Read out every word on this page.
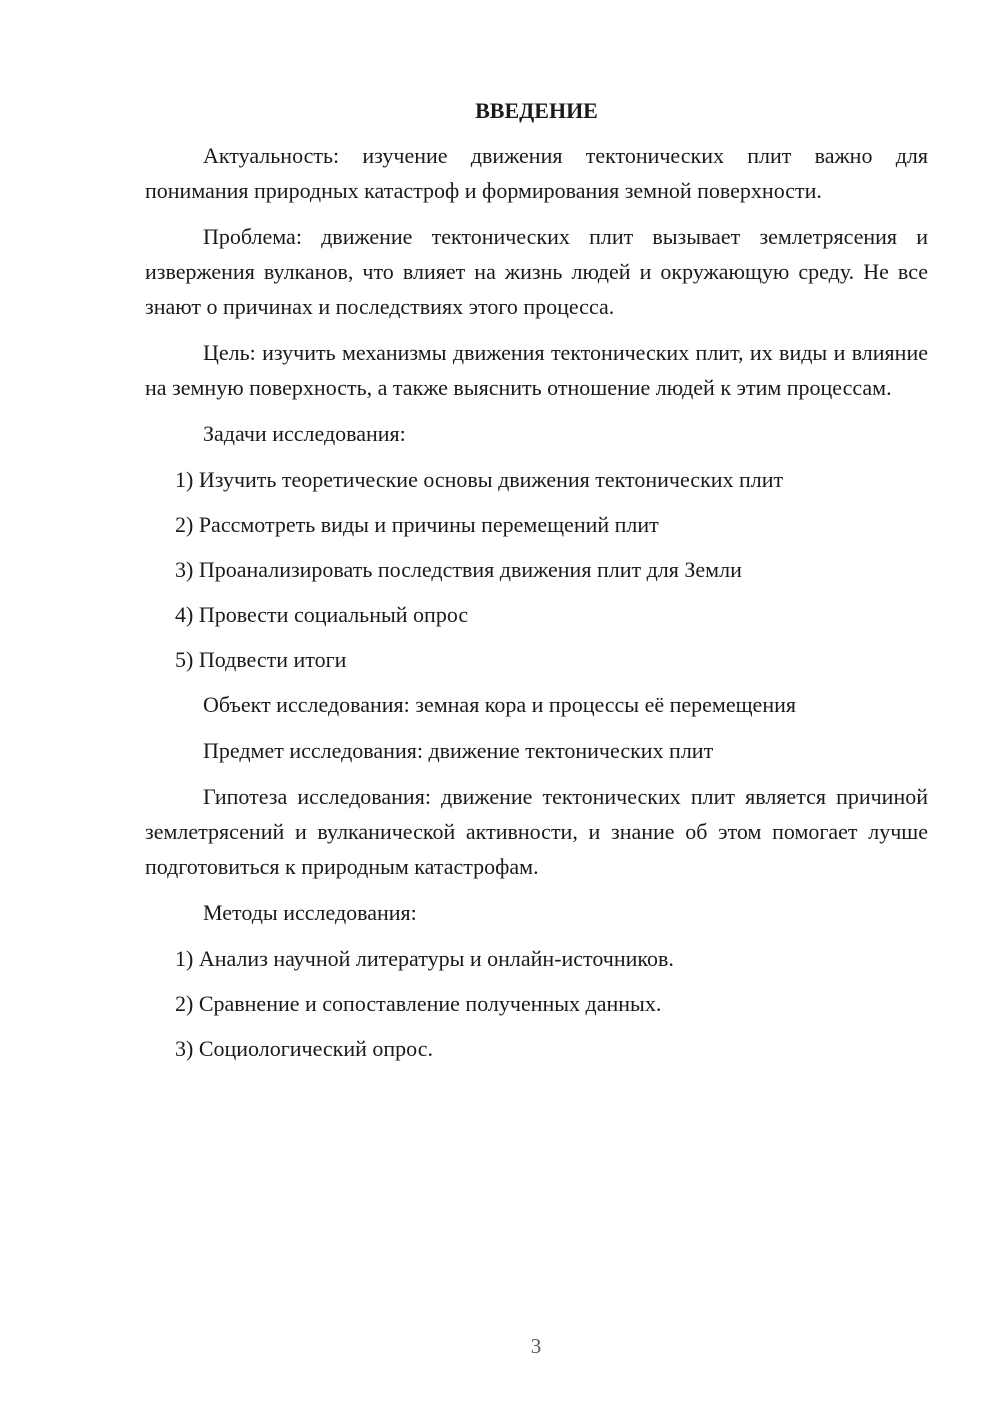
ВВЕДЕНИЕ
Актуальность: изучение движения тектонических плит важно для понимания природных катастроф и формирования земной поверхности.
Проблема: движение тектонических плит вызывает землетрясения и извержения вулканов, что влияет на жизнь людей и окружающую среду. Не все знают о причинах и последствиях этого процесса.
Цель: изучить механизмы движения тектонических плит, их виды и влияние на земную поверхность, а также выяснить отношение людей к этим процессам.
Задачи исследования:
1) Изучить теоретические основы движения тектонических плит
2) Рассмотреть виды и причины перемещений плит
3) Проанализировать последствия движения плит для Земли
4) Провести социальный опрос
5) Подвести итоги
Объект исследования: земная кора и процессы её перемещения
Предмет исследования: движение тектонических плит
Гипотеза исследования: движение тектонических плит является причиной землетрясений и вулканической активности, и знание об этом помогает лучше подготовиться к природным катастрофам.
Методы исследования:
1) Анализ научной литературы и онлайн-источников.
2) Сравнение и сопоставление полученных данных.
3) Социологический опрос.
3
